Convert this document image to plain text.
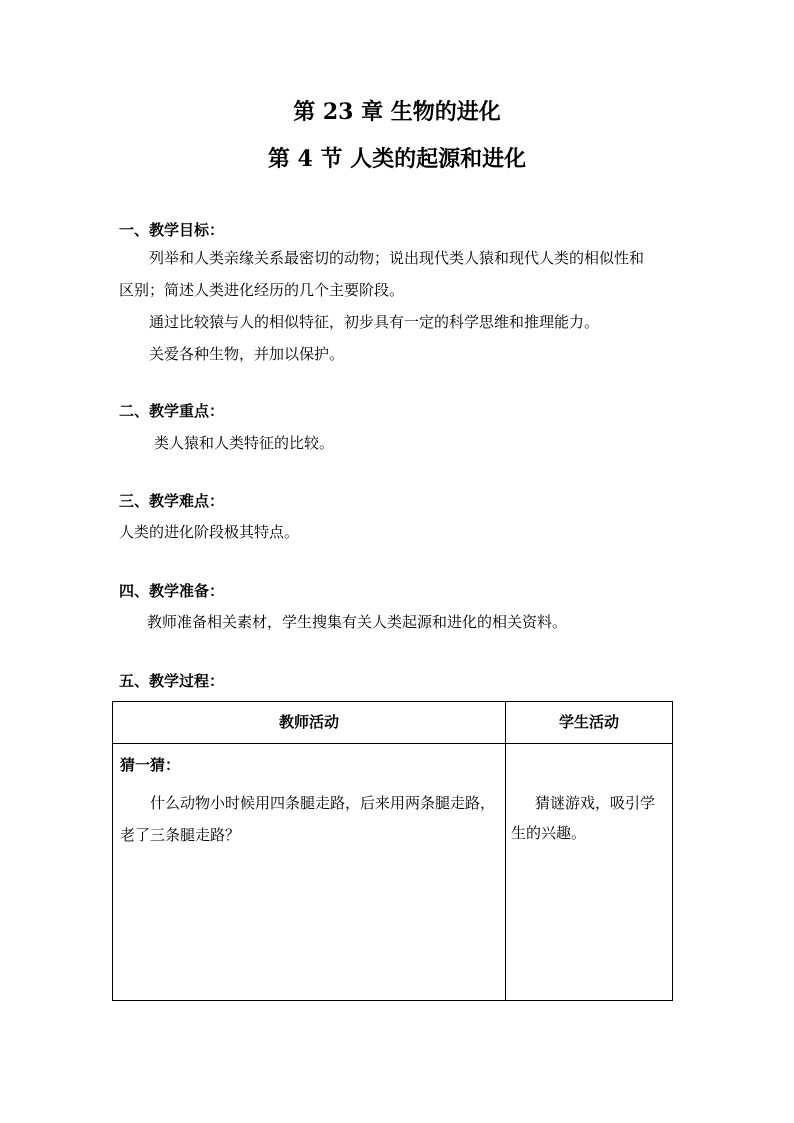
第 23 章 生物的进化
第 4 节 人类的起源和进化
一、教学目标：
列举和人类亲缘关系最密切的动物；说出现代类人猿和现代人类的相似性和
区别；简述人类进化经历的几个主要阶段。
通过比较猿与人的相似特征，初步具有一定的科学思维和推理能力。
关爱各种生物，并加以保护。
二、教学重点：
类人猿和人类特征的比较。
三、教学难点：
人类的进化阶段极其特点。
四、教学准备：
教师准备相关素材，学生搜集有关人类起源和进化的相关资料。
五、教学过程：
教师活动	学生活动
猜一猜：
什么动物小时候用四条腿走路，后来用两条腿走路，
老了三条腿走路？
猜谜游戏，吸引学
生的兴趣。
